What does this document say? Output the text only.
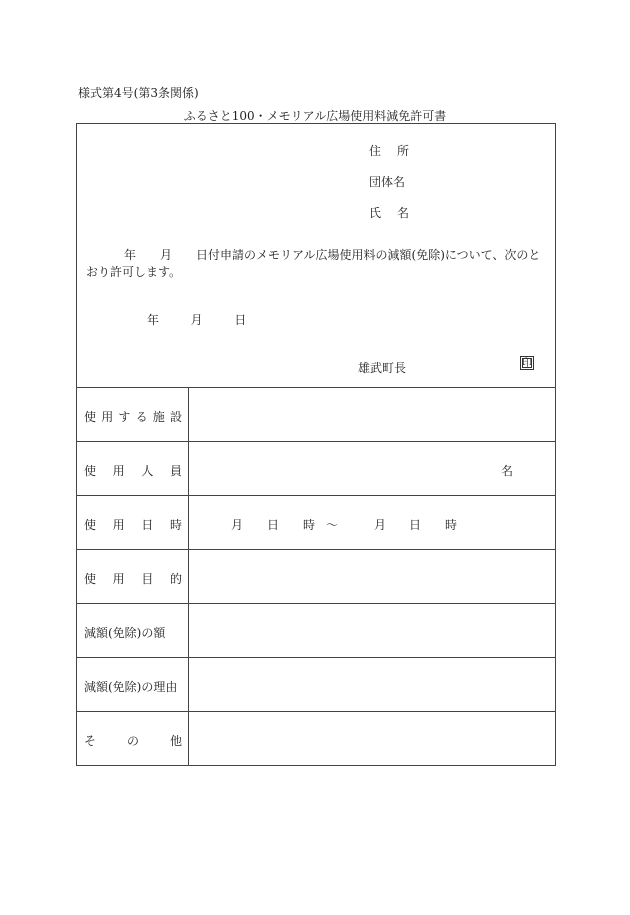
様式第4号(第3条関係)
ふるさと100・メモリアル広場使用料減免許可書
住所
団体名
氏名
年　　月　　日付申請のメモリアル広場使用料の減額(免除)について、次のとおり許可します。
年	月	日
雄武町長	印
使 用 す る 施 設
使 用 人 員	名
使 用 日 時	月 日 時 ～	月 日 時
使 用 目 的
減額(免除)の額
減額(免除)の理由
そ	の	他
